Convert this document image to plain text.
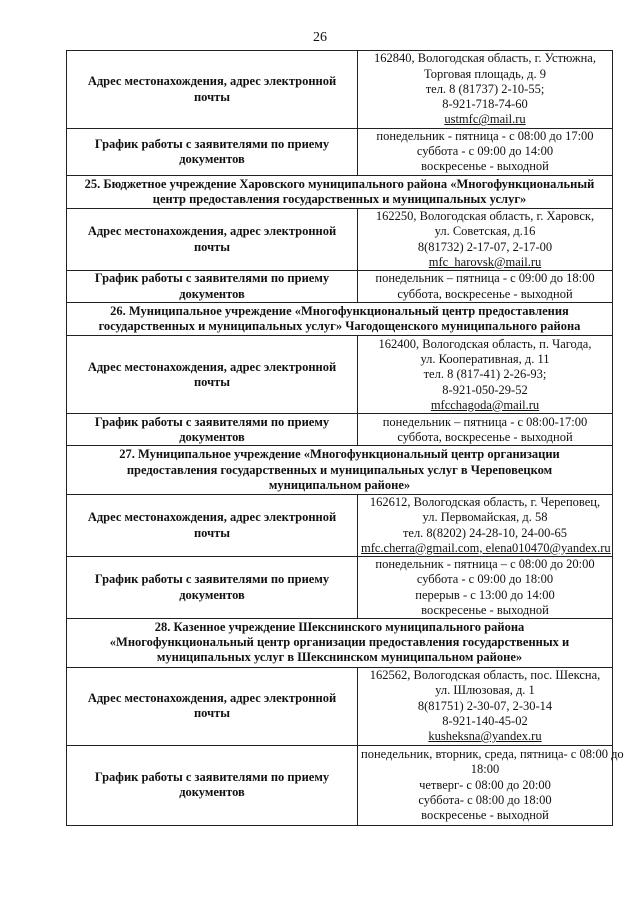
26
Адрес местонахождения, адрес электронной почты	162840, Вологодская область, г. Устюжна,
Торговая площадь, д. 9
тел. 8 (81737) 2-10-55;
8-921-718-74-60
ustmfc@mail.ru

График работы с заявителями по приему документов	понедельник - пятница - с 08:00 до 17:00
суббота - с 09:00 до 14:00
воскресенье - выходной

25. Бюджетное учреждение Харовского муниципального района «Многофункциональный
центр предоставления государственных и муниципальных услуг»	

Адрес местонахождения, адрес электронной почты	162250, Вологодская область, г. Харовск,
ул. Советская, д.16
8(81732) 2-17-07, 2-17-00
mfc_harovsk@mail.ru

График работы с заявителями по приему документов	понедельник – пятница - с 09:00 до 18:00
суббота, воскресенье - выходной

26. Муниципальное учреждение «Многофункциональный центр предоставления
государственных и муниципальных услуг» Чагодощенского муниципального района	

Адрес местонахождения, адрес электронной почты	162400, Вологодская область, п. Чагода,
ул. Кооперативная, д. 11
тел. 8 (817-41) 2-26-93;
8-921-050-29-52
mfcchagoda@mail.ru

График работы с заявителями по приему документов	понедельник – пятница - с 08:00-17:00
суббота, воскресенье - выходной

27. Муниципальное учреждение «Многофункциональный центр организации
предоставления государственных и муниципальных услуг в Череповецком
муниципальном районе»	

Адрес местонахождения, адрес электронной почты	162612, Вологодская область, г. Череповец,
ул. Первомайская, д. 58
тел. 8(8202) 24-28-10, 24-00-65
mfc.cherra@gmail.com, elena010470@yandex.ru

График работы с заявителями по приему документов	понедельник - пятница – с 08:00 до 20:00
суббота - с 09:00 до 18:00
перерыв - с 13:00 до 14:00
воскресенье - выходной

28. Казенное учреждение Шекснинского муниципального района
«Многофункциональный центр организации предоставления государственных и
муниципальных услуг в Шекснинском муниципальном районе»	

Адрес местонахождения, адрес электронной почты	162562, Вологодская область, пос. Шексна,
ул. Шлюзовая, д. 1
8(81751) 2-30-07, 2-30-14
8-921-140-45-02
kusheksna@yandex.ru

График работы с заявителями по приему документов	понедельник, вторник, среда, пятница- с 08:00 до
18:00
четверг- с 08:00 до 20:00
суббота- с 08:00 до 18:00
воскресенье - выходной
